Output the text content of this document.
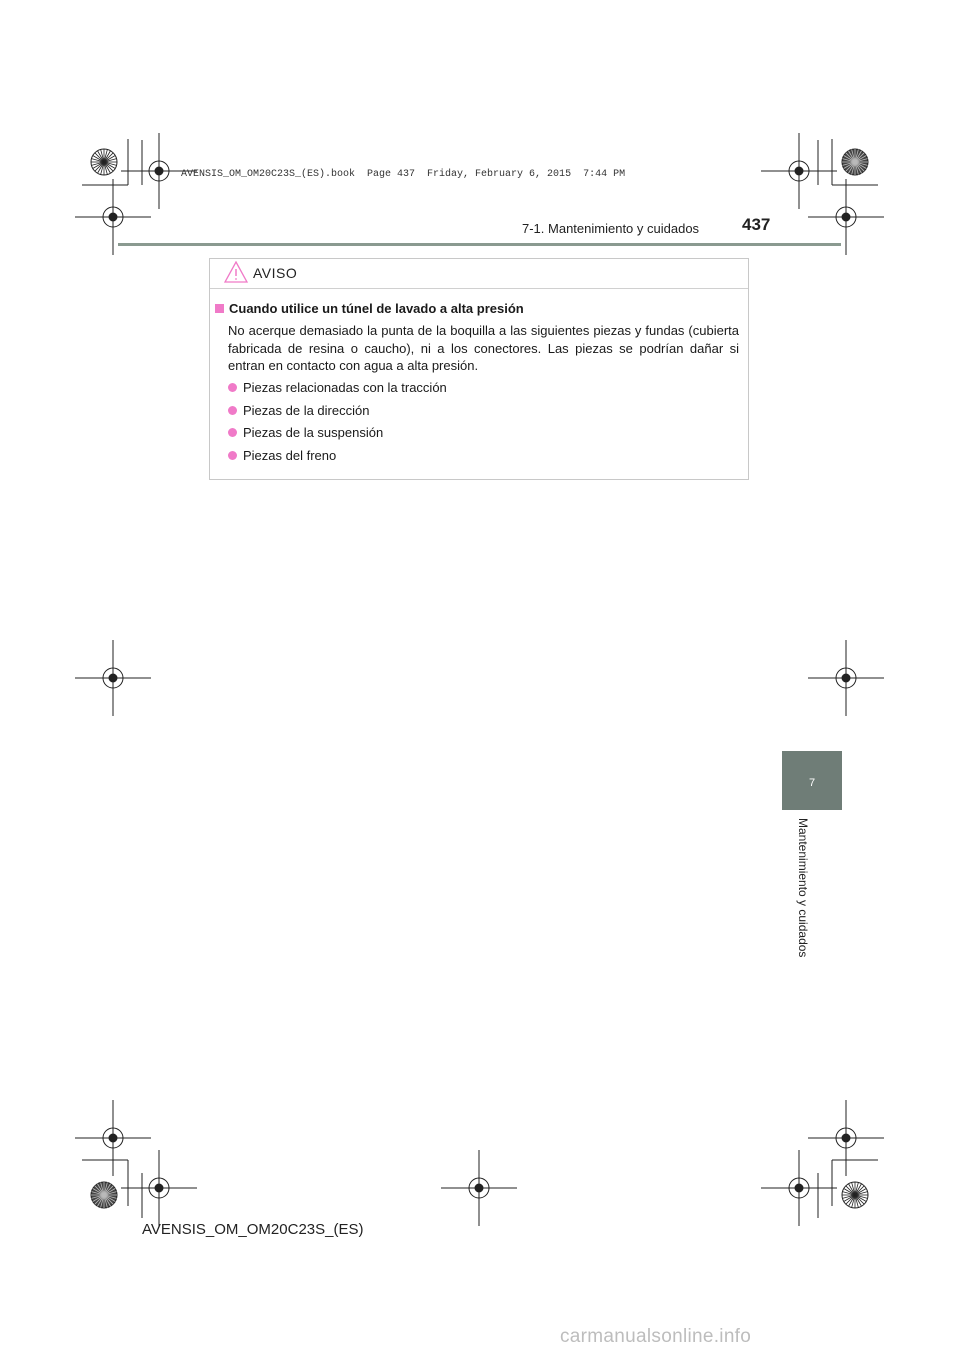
AVENSIS_OM_OM20C23S_(ES).book  Page 437  Friday, February 6, 2015  7:44 PM
7-1. Mantenimiento y cuidados	437
7
Mantenimiento y cuidados
AVISO
Cuando utilice un túnel de lavado a alta presión
No acerque demasiado la punta de la boquilla a las siguientes piezas y fundas (cubierta fabricada de resina o caucho), ni a los conectores. Las piezas se podrían dañar si entran en contacto con agua a alta presión.
Piezas relacionadas con la tracción
Piezas de la dirección
Piezas de la suspensión
Piezas del freno
AVENSIS_OM_OM20C23S_(ES)
carmanualsonline.info
